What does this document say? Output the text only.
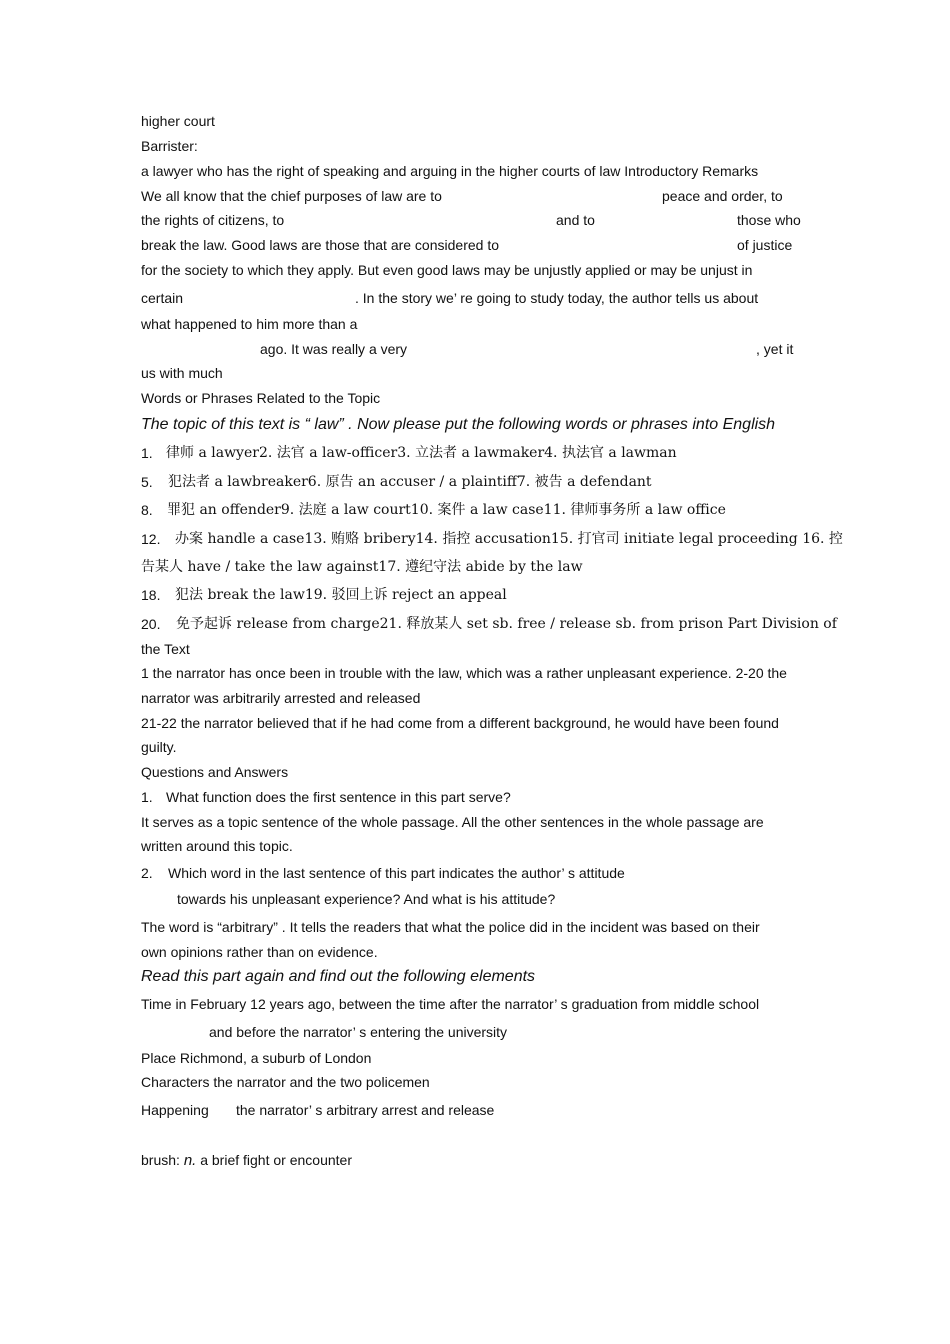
higher court
Barrister:
a lawyer who has the right of speaking and arguing in the higher courts of law Introductory Remarks
We all know that the chief purposes of law are to	peace and order, to
the rights of citizens, to	and to	those who
break the law. Good laws are those that are considered to	of justice
for the society to which they apply. But even good laws may be unjustly applied or may be unjust in
certain	. In the story we’ re going to study today, the author tells us about
what happened to him more than a
ago. It was really a very	, yet it
us with much
Words or Phrases Related to the Topic
The topic of this text is “ law” . Now please put the following words or phrases into English
1. 律师 a lawyer2. 法官 a law-officer3. 立法者 a lawmaker4. 执法官 a lawman
5. 犯法者 a lawbreaker6. 原告 an accuser / a plaintiff7. 被告 a defendant
8. 罪犯 an offender9. 法庭 a law court10. 案件 a law case11. 律师事务所 a law office
12. 办案 handle a case13. 贿赂 bribery14. 指控 accusation15. 打官司 initiate legal proceeding 16. 控
告某人 have / take the law against17. 遵纪守法 abide by the law
18. 犯法 break the law19. 驳回上诉 reject an appeal
20. 免予起诉 release from charge21. 释放某人 set sb. free / release sb. from prison Part Division of
the Text
1 the narrator has once been in trouble with the law, which was a rather unpleasant experience. 2-20 the
narrator was arbitrarily arrested and released
21-22 the narrator believed that if he had come from a different background, he would have been found
guilty.
Questions and Answers
1. What function does the first sentence in this part serve?
It serves as a topic sentence of the whole passage. All the other sentences in the whole passage are
written around this topic.
2. Which word in the last sentence of this part indicates the author’ s attitude
towards his unpleasant experience? And what is his attitude?
The word is “arbitrary” . It tells the readers that what the police did in the incident was based on their
own opinions rather than on evidence.
Read this part again and find out the following elements
Time in February 12 years ago, between the time after the narrator’ s graduation from middle school
and before the narrator’ s entering the university
Place Richmond, a suburb of London
Characters the narrator and the two policemen
Happening the narrator’ s arbitrary arrest and release
brush: n. a brief fight or encounter
